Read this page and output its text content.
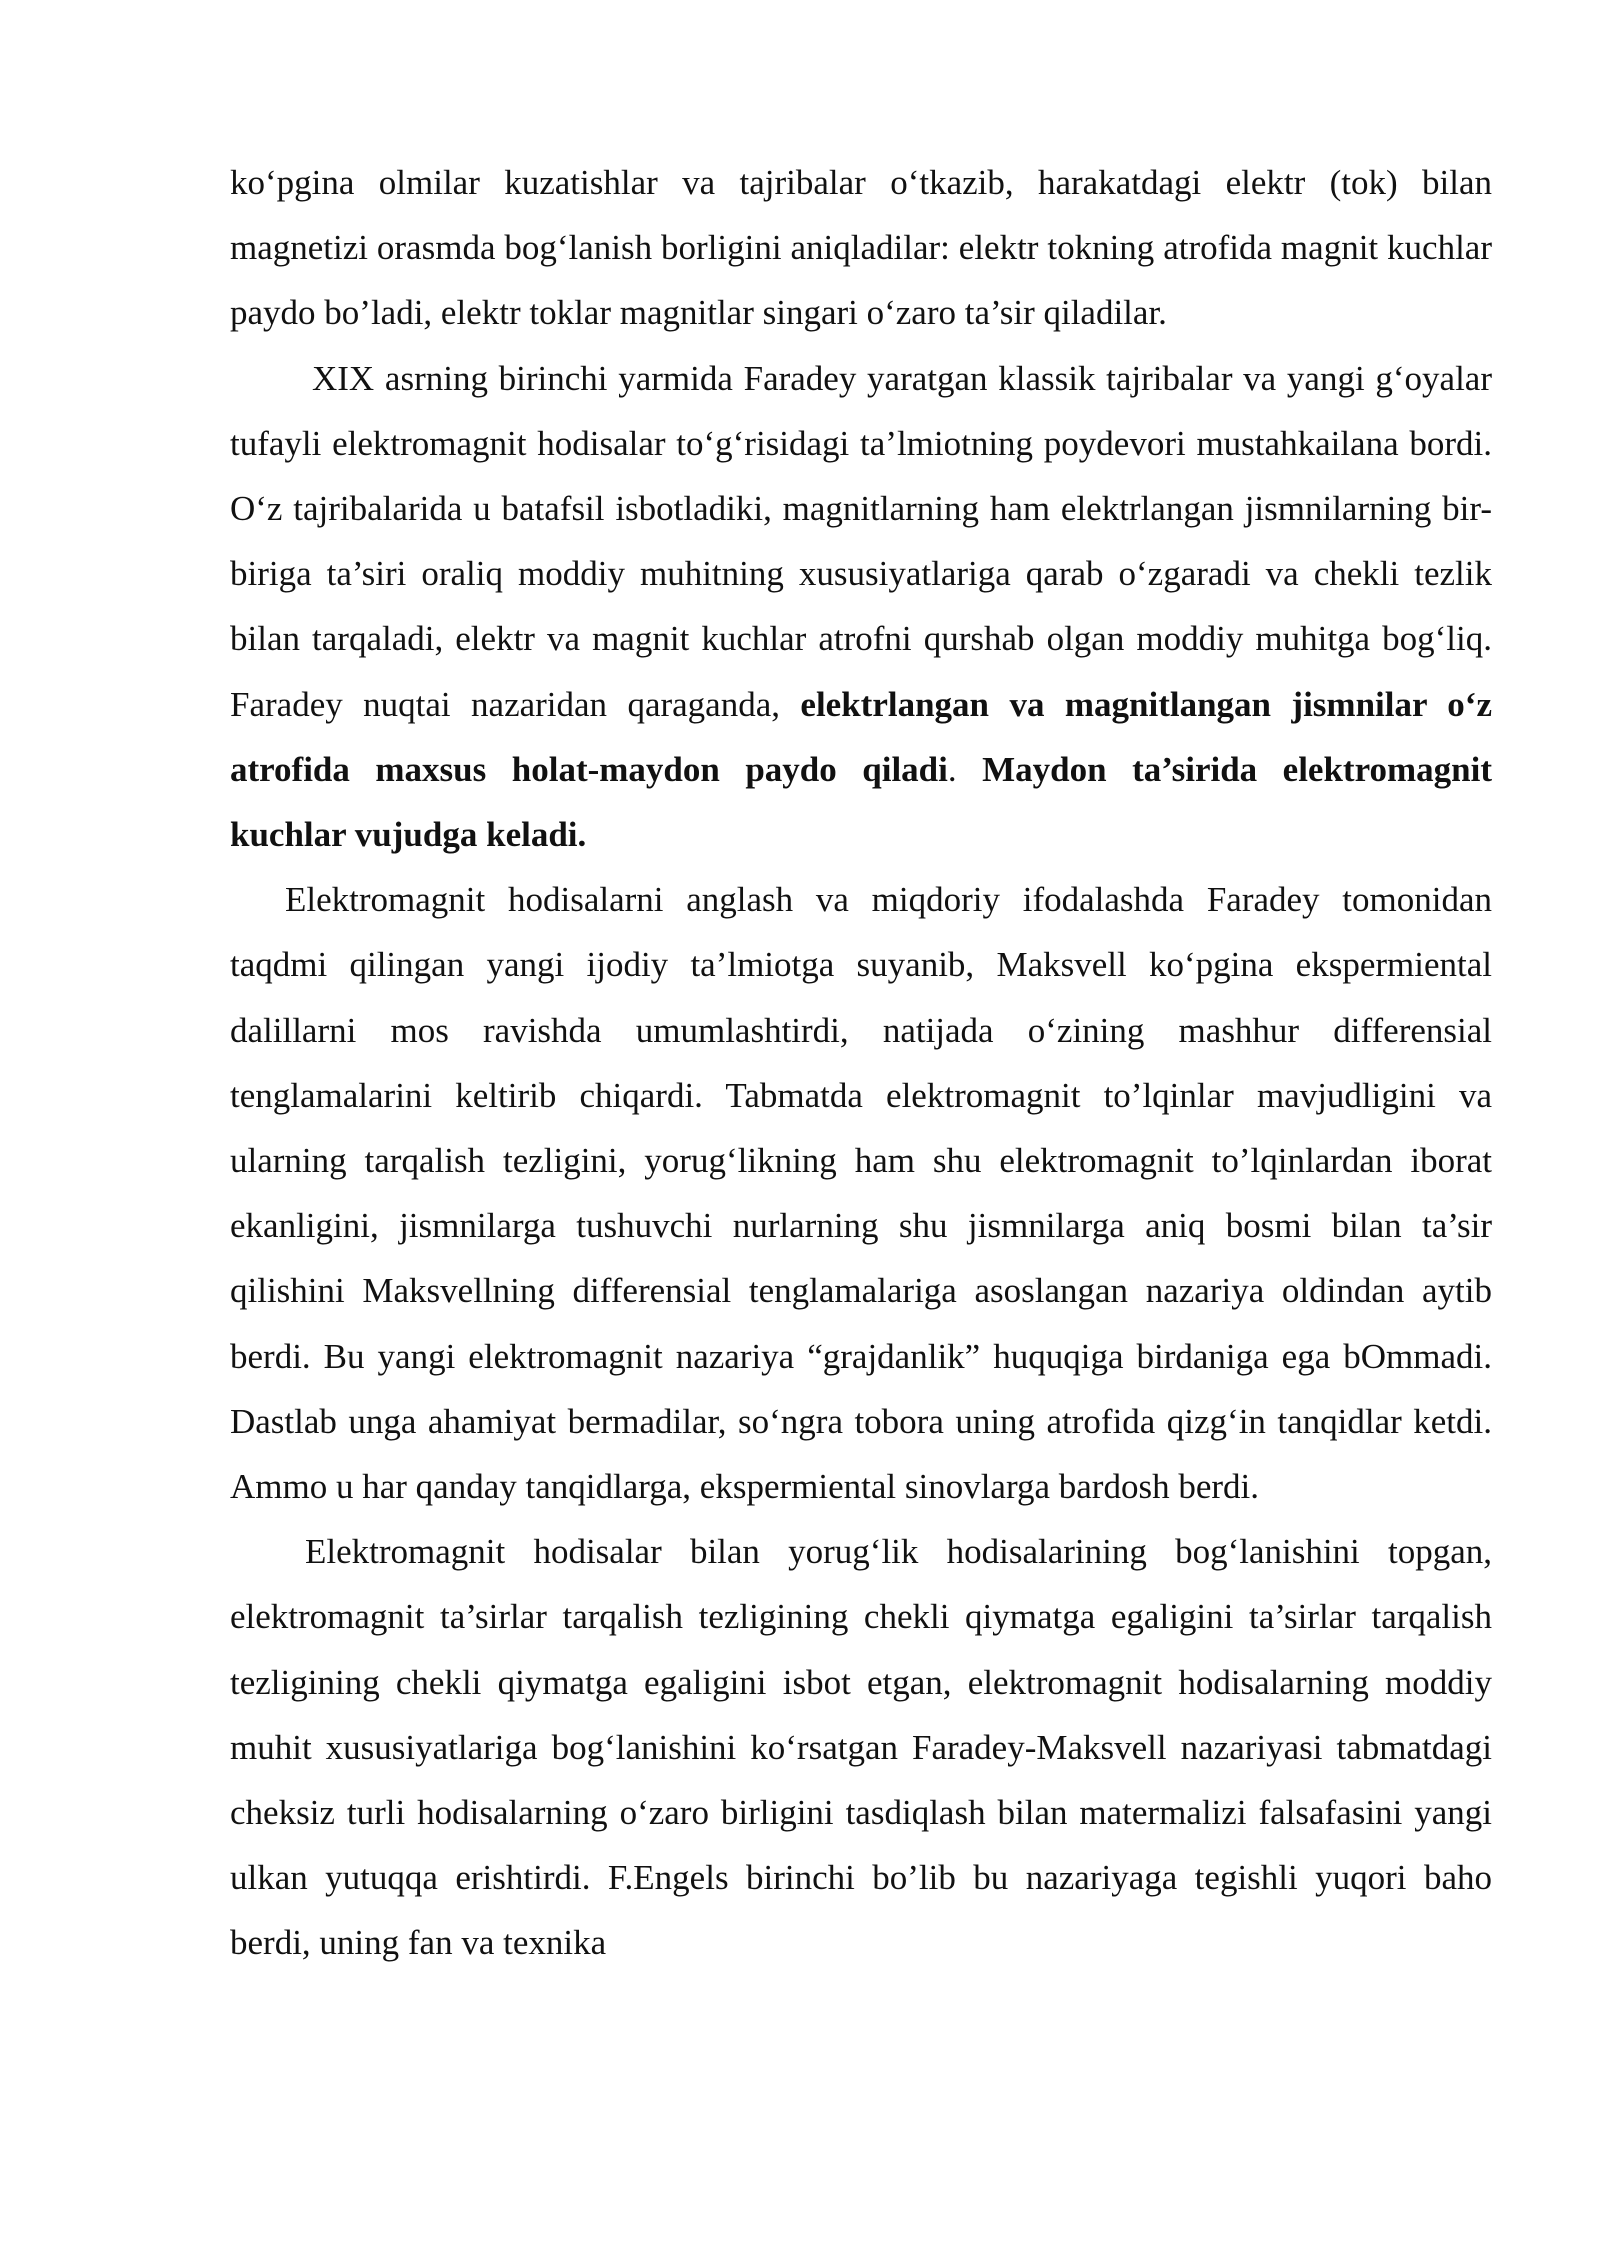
ko‘pgina olmilar kuzatishlar va tajribalar o‘tkazib, harakatdagi elektr (tok) bilan magnetizi orasmda bog‘lanish borligini aniqladilar: elektr tokning atrofida magnit kuchlar paydo bo’ladi, elektr toklar magnitlar singari o‘zaro ta’sir qiladilar.

XIX asrning birinchi yarmida Faradey yaratgan klassik tajribalar va yangi g‘oyalar tufayli elektromagnit hodisalar to‘g‘risidagi ta’lmiotning poydevori mustahkailana bordi. O‘z tajribalarida u batafsil isbotladiki, magnitlarning ham elektrlangan jismnilarning bir-biriga ta’siri oraliq moddiy muhitning xususiyatlariga qarab o‘zgaradi va chekli tezlik bilan tarqaladi, elektr va magnit kuchlar atrofni qurshab olgan moddiy muhitga bog‘liq. Faradey nuqtai nazaridan qaraganda, elektrlangan va magnitlangan jismnilar o‘z atrofida maxsus holat-maydon paydo qiladi. Maydon ta’sirida elektromagnit kuchlar vujudga keladi.

Elektromagnit hodisalarni anglash va miqdoriy ifodalashda Faradey tomonidan taqdmi qilingan yangi ijodiy ta’lmiotga suyanib, Maksvell ko‘pgina ekspermiental dalillarni mos ravishda umumlashtirdi, natijada o‘zining mashhur differensial tenglamalarini keltirib chiqardi. Tabmatda elektromagnit to’lqinlar mavjudligini va ularning tarqalish tezligini, yorug‘likning ham shu elektromagnit to’lqinlardan iborat ekanligini, jismnilarga tushuvchi nurlarning shu jismnilarga aniq bosmi bilan ta’sir qilishini Maksvellning differensial tenglamalariga asoslangan nazariya oldindan aytib berdi. Bu yangi elektromagnit nazariya “grajdanlik” huquqiga birdaniga ega bOmmadi. Dastlab unga ahamiyat bermadilar, so‘ngra tobora uning atrofida qizg‘in tanqidlar ketdi. Ammo u har qanday tanqidlarga, ekspermiental sinovlarga bardosh berdi.

Elektromagnit hodisalar bilan yorug‘lik hodisalarining bog‘lanishini topgan, elektromagnit ta’sirlar tarqalish tezligining chekli qiymatga egaligini ta’sirlar tarqalish tezligining chekli qiymatga egaligini isbot etgan, elektromagnit hodisalarning moddiy muhit xususiyatlariga bog‘lanishini ko‘rsatgan Faradey-Maksvell nazariyasi tabmatdagi cheksiz turli hodisalarning o‘zaro birligini tasdiqlash bilan matermalizi falsafasini yangi ulkan yutuqqa erishtirdi. F.Engels birinchi bo’lib bu nazariyaga tegishli yuqori baho berdi, uning fan va texnika
